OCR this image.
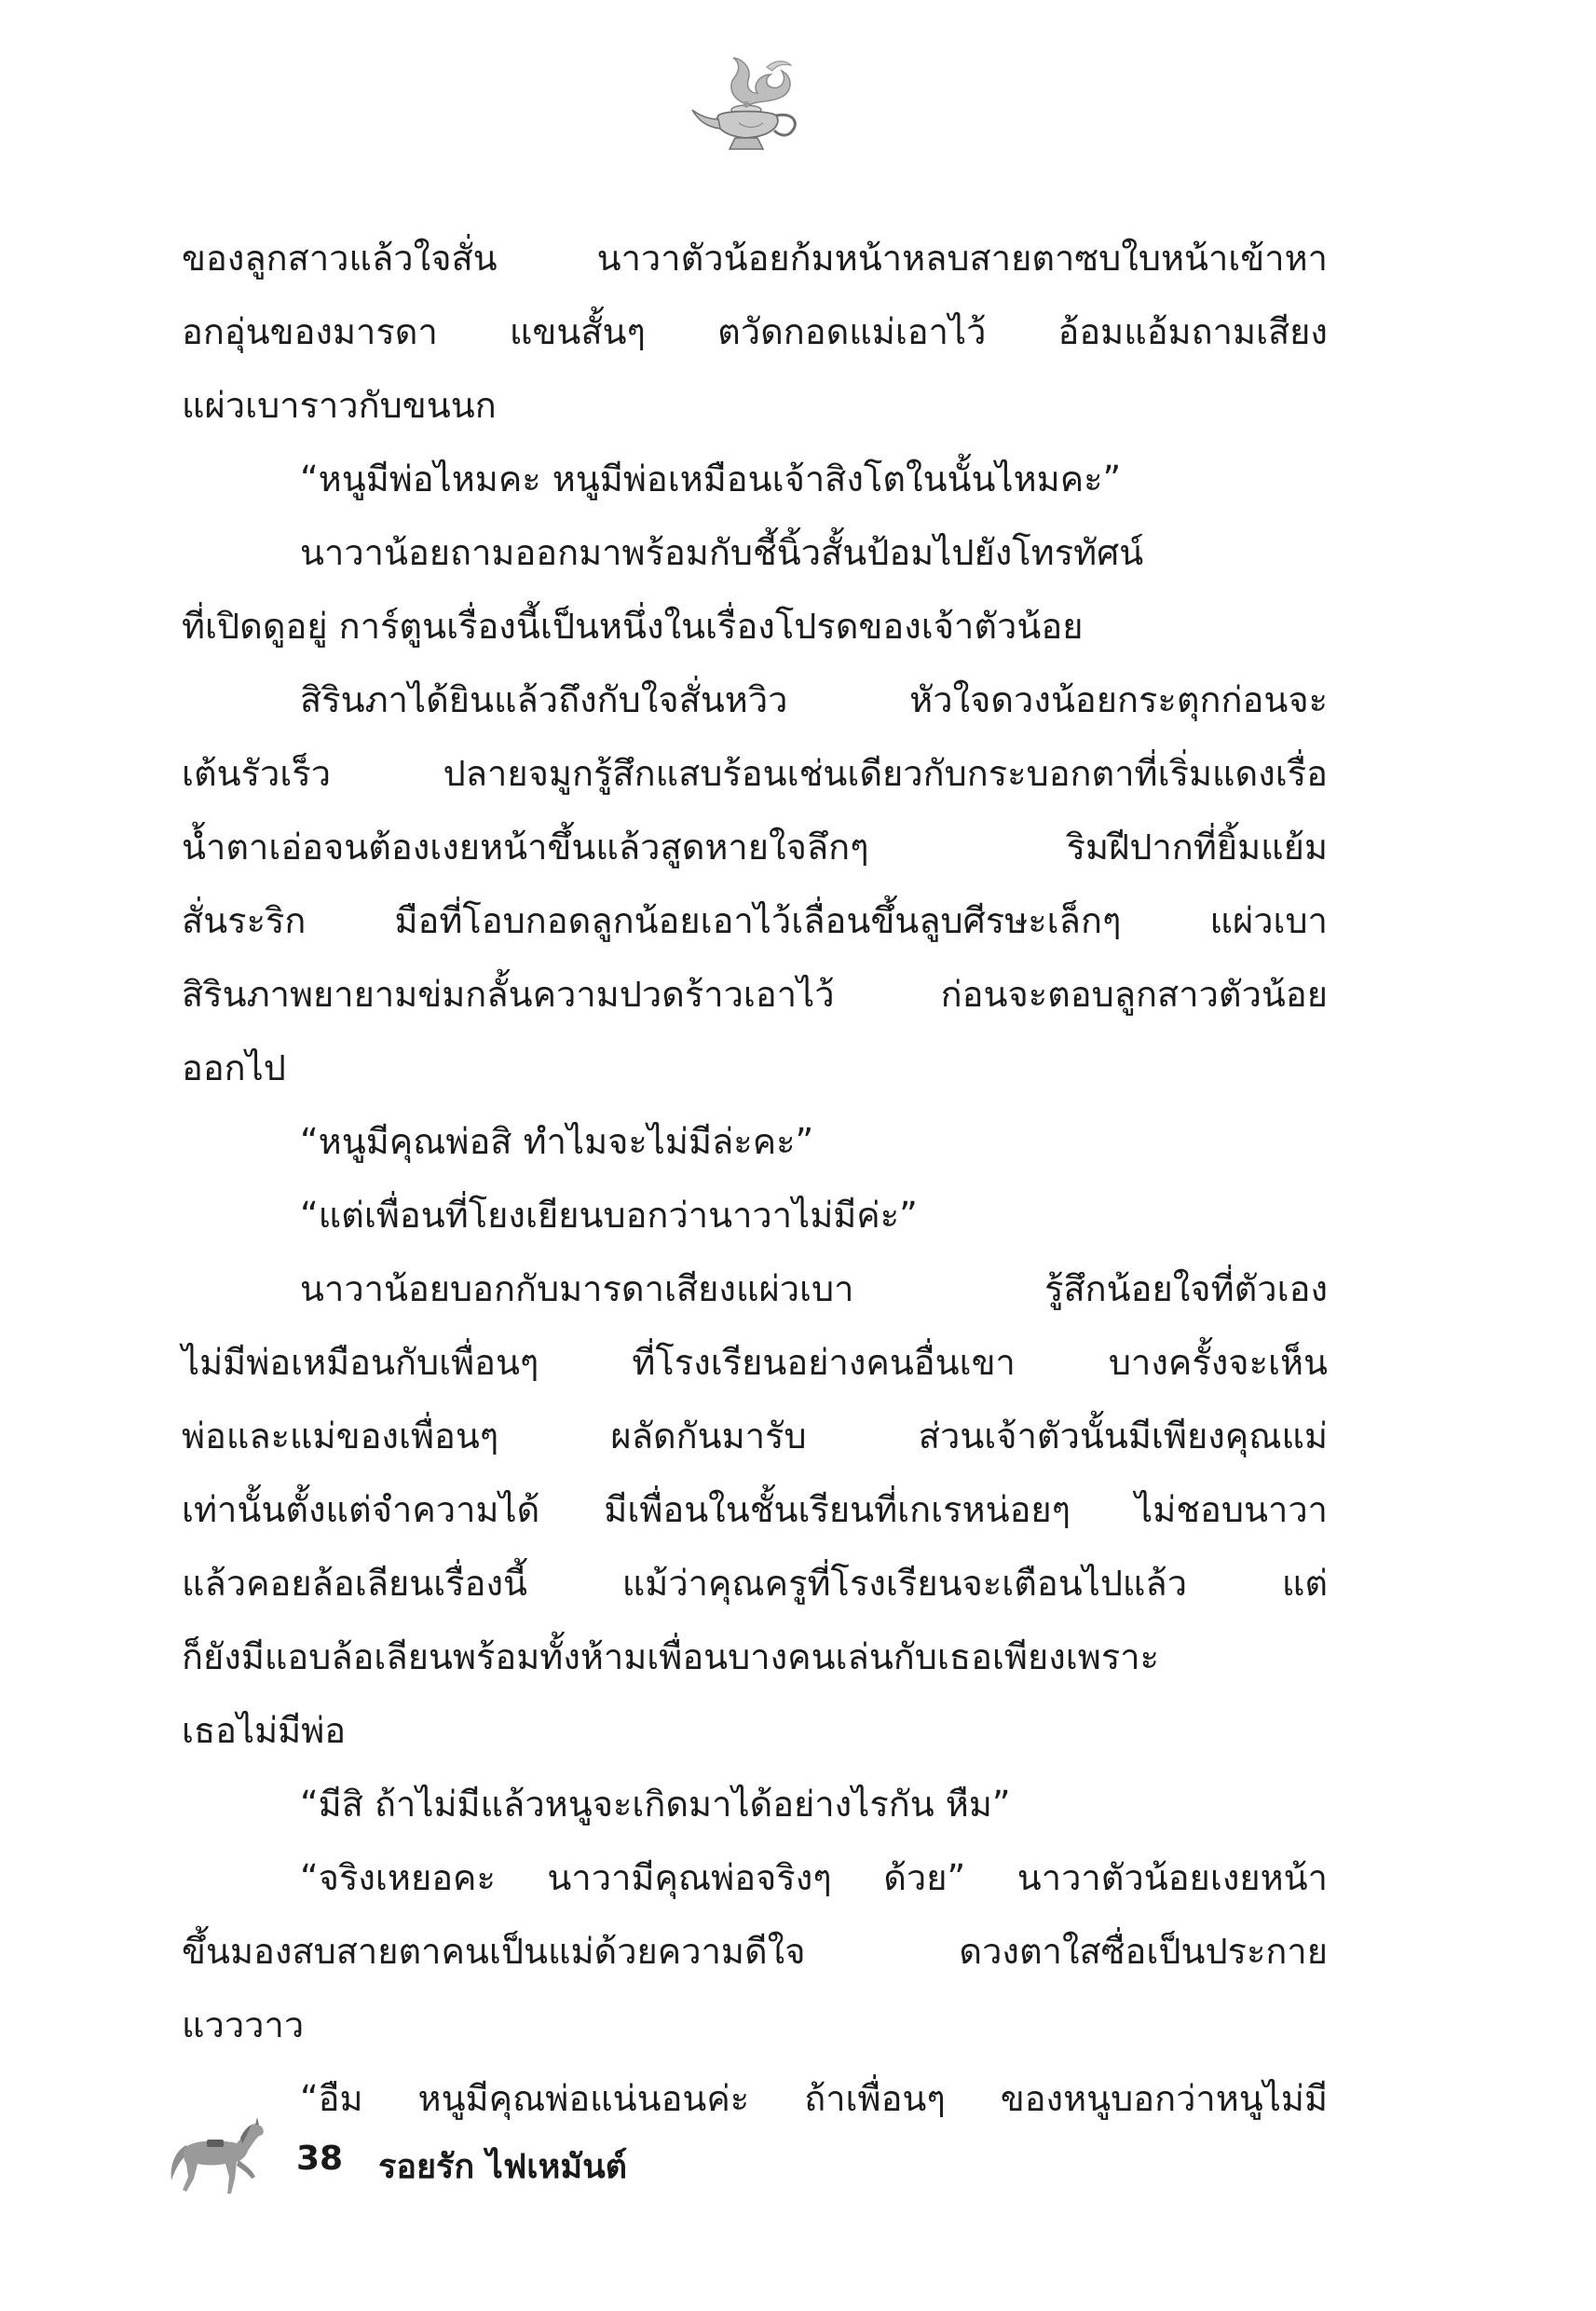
ของลูกสาวแล้วใจสั่น นาวาตัวน้อยก้มหน้าหลบสายตาซบใบหน้าเข้าหา
อกอุ่นของมารดา แขนสั้นๆ ตวัดกอดแม่เอาไว้ อ้อมแอ้มถามเสียง
แผ่วเบาราวกับขนนก
“หนูมีพ่อไหมคะ หนูมีพ่อเหมือนเจ้าสิงโตในนั้นไหมคะ”
นาวาน้อยถามออกมาพร้อมกับชี้นิ้วสั้นป้อมไปยังโทรทัศน์
ที่เปิดดูอยู่ การ์ตูนเรื่องนี้เป็นหนึ่งในเรื่องโปรดของเจ้าตัวน้อย
สิรินภาได้ยินแล้วถึงกับใจสั่นหวิว หัวใจดวงน้อยกระตุกก่อนจะ
เต้นรัวเร็ว ปลายจมูกรู้สึกแสบร้อนเช่นเดียวกับกระบอกตาที่เริ่มแดงเรื่อ
น้ำตาเอ่อจนต้องเงยหน้าขึ้นแล้วสูดหายใจลึกๆ ริมฝีปากที่ยิ้มแย้ม
สั่นระริก มือที่โอบกอดลูกน้อยเอาไว้เลื่อนขึ้นลูบศีรษะเล็กๆ แผ่วเบา
สิรินภาพยายามข่มกลั้นความปวดร้าวเอาไว้ ก่อนจะตอบลูกสาวตัวน้อย
ออกไป
“หนูมีคุณพ่อสิ ทำไมจะไม่มีล่ะคะ”
“แต่เพื่อนที่โยงเยียนบอกว่านาวาไม่มีค่ะ”
นาวาน้อยบอกกับมารดาเสียงแผ่วเบา รู้สึกน้อยใจที่ตัวเอง
ไม่มีพ่อเหมือนกับเพื่อนๆ ที่โรงเรียนอย่างคนอื่นเขา บางครั้งจะเห็น
พ่อและแม่ของเพื่อนๆ ผลัดกันมารับ ส่วนเจ้าตัวนั้นมีเพียงคุณแม่
เท่านั้นตั้งแต่จำความได้ มีเพื่อนในชั้นเรียนที่เกเรหน่อยๆ ไม่ชอบนาวา
แล้วคอยล้อเลียนเรื่องนี้ แม้ว่าคุณครูที่โรงเรียนจะเตือนไปแล้ว แต่
ก็ยังมีแอบล้อเลียนพร้อมทั้งห้ามเพื่อนบางคนเล่นกับเธอเพียงเพราะ
เธอไม่มีพ่อ
“มีสิ ถ้าไม่มีแล้วหนูจะเกิดมาได้อย่างไรกัน หืม”
“จริงเหยอคะ นาวามีคุณพ่อจริงๆ ด้วย” นาวาตัวน้อยเงยหน้า
ขึ้นมองสบสายตาคนเป็นแม่ด้วยความดีใจ ดวงตาใสซื่อเป็นประกาย
แวววาว
“อืม หนูมีคุณพ่อแน่นอนค่ะ ถ้าเพื่อนๆ ของหนูบอกว่าหนูไม่มี
38 รอยรัก ไฟเหมันต์
